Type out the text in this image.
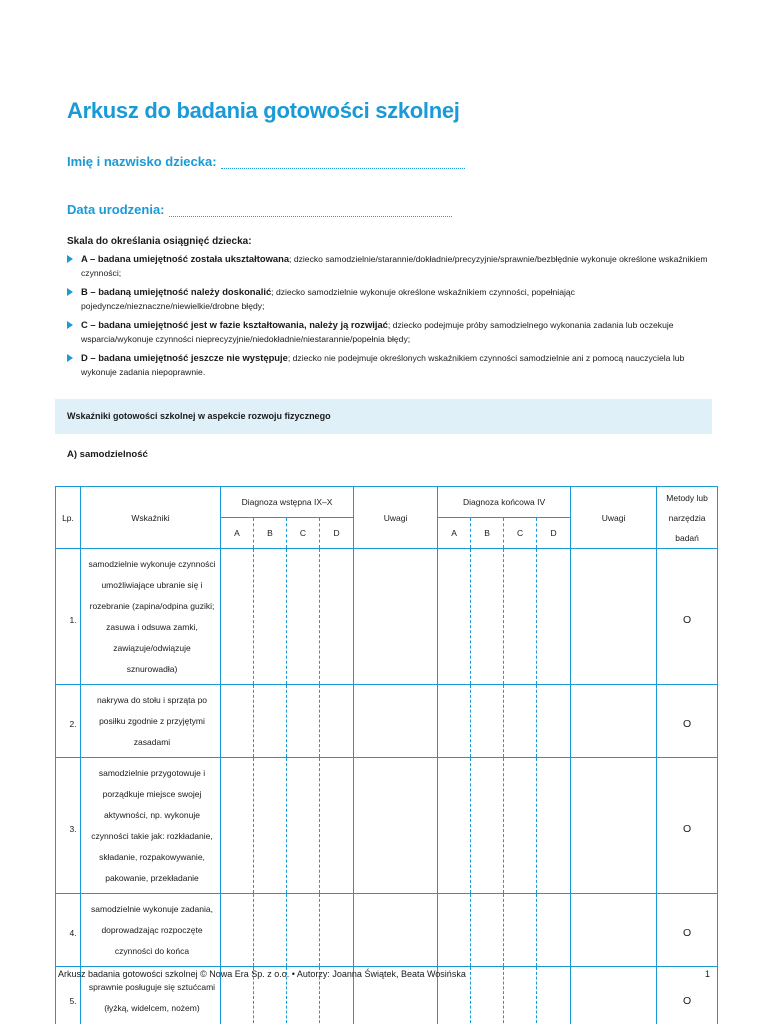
Arkusz do badania gotowości szkolnej
Imię i nazwisko dziecka:
Data urodzenia:
Skala do określania osiągnięć dziecka:
A – badana umiejętność została ukształtowana; dziecko samodzielnie/starannie/dokładnie/precyzyjnie/sprawnie/bezbłędnie wykonuje określone wskaźnikiem czynności;
B – badaną umiejętność należy doskonalić; dziecko samodzielnie wykonuje określone wskaźnikiem czynności, popełniając pojedyncze/nieznaczne/niewielkie/drobne błędy;
C – badana umiejętność jest w fazie kształtowania, należy ją rozwijać; dziecko podejmuje próby samodzielnego wykonania zadania lub oczekuje wsparcia/wykonuje czynności nieprecyzyjnie/niedokładnie/niestarannie/popełnia błędy;
D – badana umiejętność jeszcze nie występuje; dziecko nie podejmuje określonych wskaźnikiem czynności samodzielnie ani z pomocą nauczyciela lub wykonuje zadania niepoprawnie.
Wskaźniki gotowości szkolnej w aspekcie rozwoju fizycznego
A) samodzielność
Lp.	Wskaźniki	Diagnoza wstępna IX–X				Uwagi	Diagnoza końcowa IV				Uwagi	Metody lub narzędzia badań
		A	B	C	D		A	B	C	D		
1.	samodzielnie wykonuje czynności umożliwiające ubranie się i rozebranie (zapina/odpina guziki; zasuwa i odsuwa zamki, zawiązuje/odwiązuje sznurowadła)											O
2.	nakrywa do stołu i sprząta po posiłku zgodnie z przyjętymi zasadami											O
3.	samodzielnie przygotowuje i porządkuje miejsce swojej aktywności, np. wykonuje czynności takie jak: rozkładanie, składanie, rozpakowywanie, pakowanie, przekładanie											O
4.	samodzielnie wykonuje zadania, doprowadzając rozpoczęte czynności do końca											O
5.	sprawnie posługuje się sztućcami (łyżką, widelcem, nożem)											O
Arkusz badania gotowości szkolnej © Nowa Era Sp. z o.o. • Autorzy: Joanna Świątek, Beata Wosińska	1
